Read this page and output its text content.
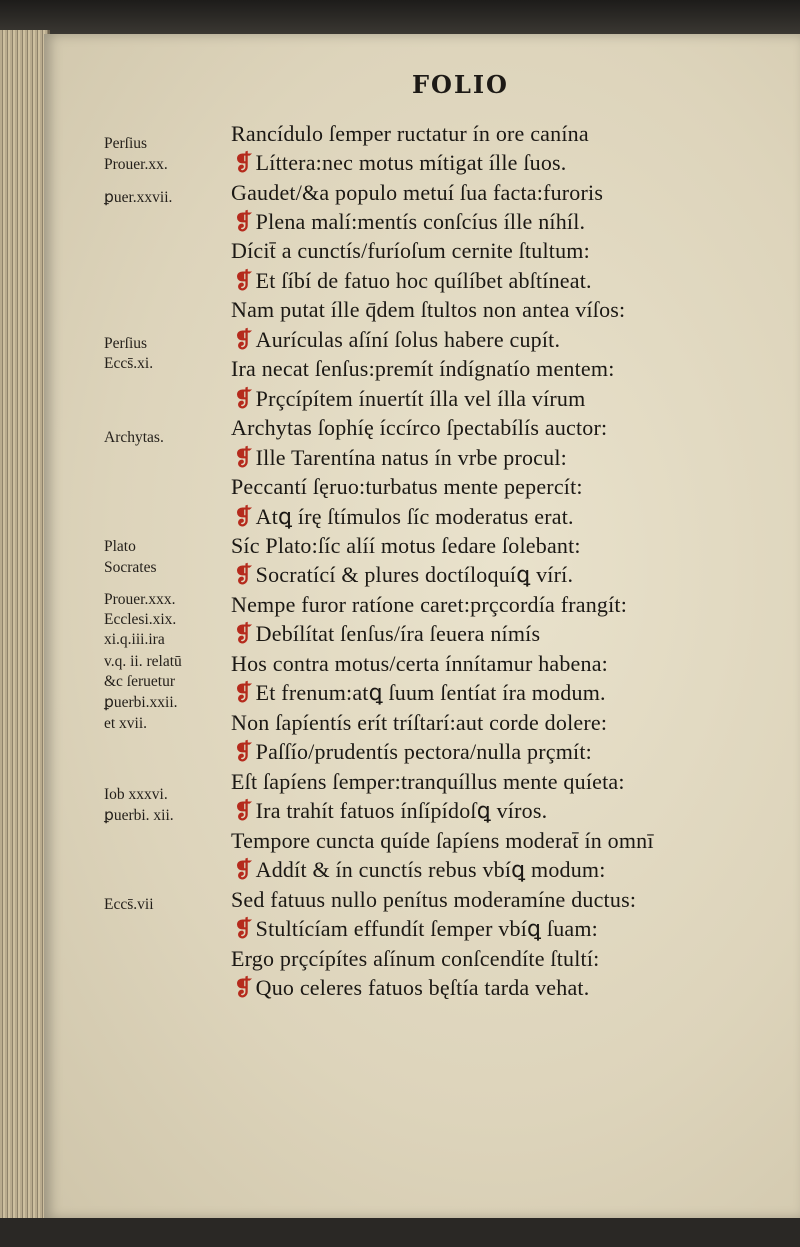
FOLIO
Perſius
Prouer.xx.
ꝑuer.xxvii.
Perſius
Eccs̄.xi.
Archytas.
Plato
Socrates
Prouer.xxx.
Ecclesi.xix.
xi.q.iii.ira
v.q. ii. relatū
&c ſeruetur
ꝑuerbi.xxii.
et xvii.
Iob xxxvi.
ꝑuerbi. xii.
Eccs̄.vii
Rancídulo ſemper ructatur ín ore canína
❡ Líttera:nec motus mítigat ílle ſuos.
Gaudet/&a populo metuí ſua facta:furoris
❡ Plena malí:mentís conſcíus ílle níhíl.
Dícit̄ a cunctís/furíoſum cernite ſtultum:
❡ Et ſíbí de fatuo hoc quílíbet abſtíneat.
Nam putat ílle q̄dem ſtultos non antea víſos:
❡ Aurículas aſíní ſolus habere cupít.
Ira necat ſenſus:premít índígnatío mentem:
❡ Prçcípítem ínuertít ílla vel ílla vírum
Archytas ſophíę íccírco ſpectabílís auctor:
❡ Ille Tarentína natus ín vrbe procul:
Peccantí ſęruo:turbatus mente pepercít:
❡ Atꝗ írę ſtímulos ſíc moderatus erat.
Síc Plato:ſíc alíí motus ſedare ſolebant:
❡ Socratící & plures doctíloquíꝗ vírí.
Nempe furor ratíone caret:prçcordía frangít:
❡ Debílítat ſenſus/íra ſeuera nímís
Hos contra motus/certa ínnítamur habena:
❡ Et frenum:atꝗ ſuum ſentíat íra modum.
Non ſapíentís erít tríſtarí:aut corde dolere:
❡ Paſſío/prudentís pectora/nulla prçmít:
Eſt ſapíens ſemper:tranquíllus mente quíeta:
❡ Ira trahít fatuos ínſípídoſꝗ víros.
Tempore cuncta quíde ſapíens moderat̄ ín omnī
❡ Addít & ín cunctís rebus vbíꝗ modum:
Sed fatuus nullo penítus moderamíne ductus:
❡ Stultícíam effundít ſemper vbíꝗ ſuam:
Ergo prçcípítes aſínum conſcendíte ſtultí:
❡ Quo celeres fatuos bęſtía tarda vehat.
